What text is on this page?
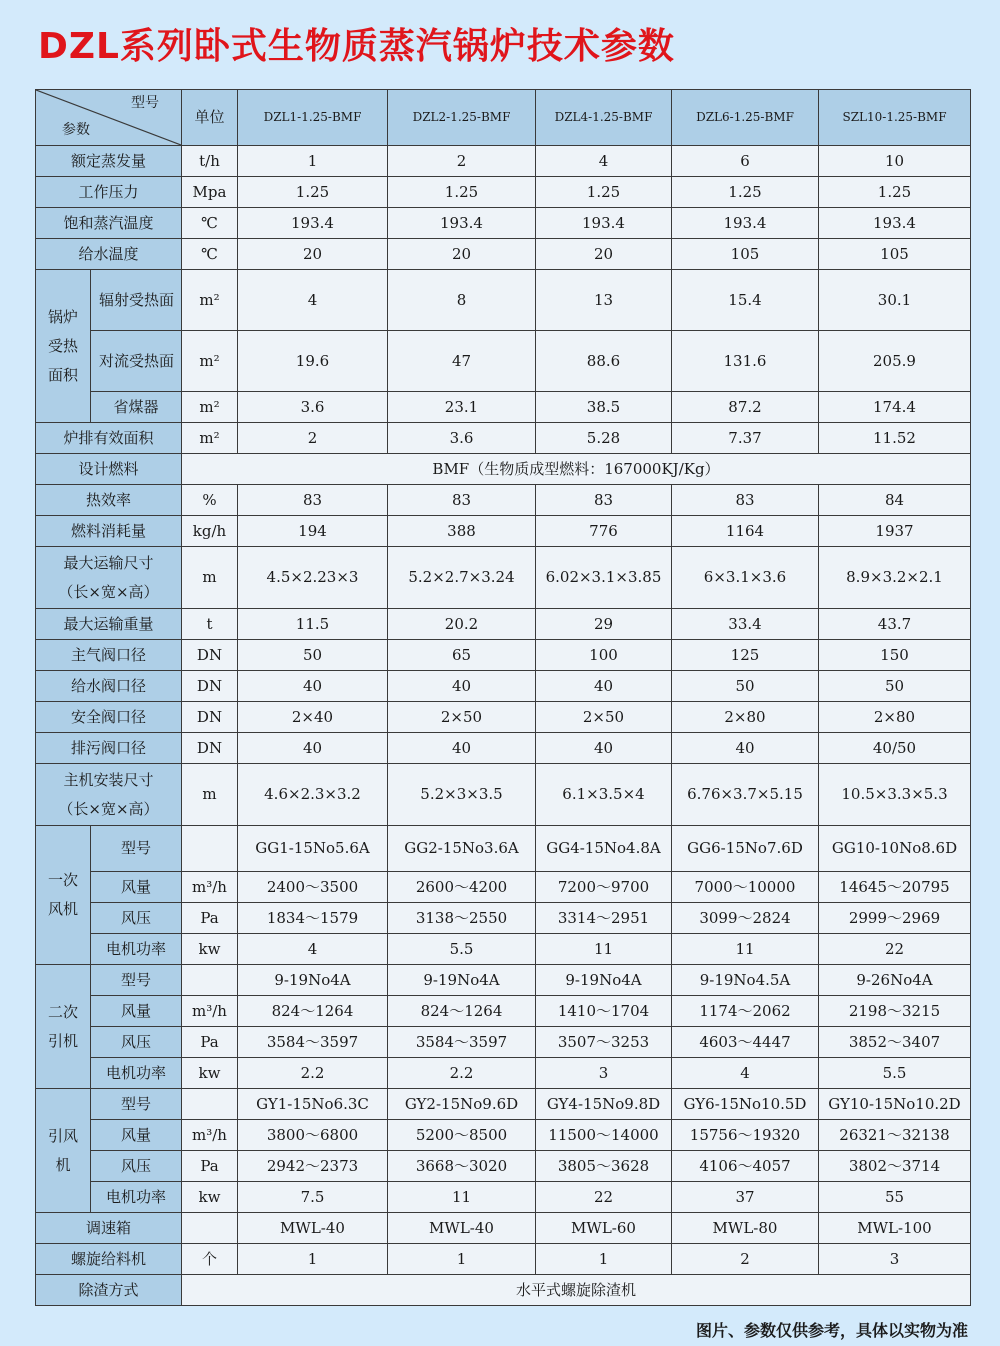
DZL系列卧式生物质蒸汽锅炉技术参数
型号
参数		单位	DZL1-1.25-BMF	DZL2-1.25-BMF	DZL4-1.25-BMF	DZL6-1.25-BMF	SZL10-1.25-BMF
额定蒸发量		t/h	1	2	4	6	10
工作压力		Mpa	1.25	1.25	1.25	1.25	1.25
饱和蒸汽温度		℃	193.4	193.4	193.4	193.4	193.4
给水温度		℃	20	20	20	105	105
锅炉受热面积	辐射受热面	m²	4	8	13	15.4	30.1
	对流受热面	m²	19.6	47	88.6	131.6	205.9
	省煤器	m²	3.6	23.1	38.5	87.2	174.4
炉排有效面积		m²	2	3.6	5.28	7.37	11.52
设计燃料		BMF（生物质成型燃料：167000KJ/Kg）					
热效率		%	83	83	83	83	84
燃料消耗量		kg/h	194	388	776	1164	1937

最大运输尺寸
（长×宽×高）		m	4.5×2.23×3	5.2×2.7×3.24	6.02×3.1×3.85	6×3.1×3.6	8.9×3.2×2.1
最大运输重量		t	11.5	20.2	29	33.4	43.7
主气阀口径		DN	50	65	100	125	150
给水阀口径		DN	40	40	40	50	50
安全阀口径		DN	2×40	2×50	2×50	2×80	2×80
排污阀口径		DN	40	40	40	40	40/50

主机安装尺寸
（长×宽×高）		m	4.6×2.3×3.2	5.2×3×3.5	6.1×3.5×4	6.76×3.7×5.15	10.5×3.3×5.3
一次风机	型号		GG1-15No5.6A	GG2-15No3.6A	GG4-15No4.8A	GG6-15No7.6D	GG10-10No8.6D
	风量	m³/h	2400～3500	2600～4200	7200～9700	7000～10000	14645～20795
	风压	Pa	1834～1579	3138～2550	3314～2951	3099～2824	2999～2969
	电机功率	kw	4	5.5	11	11	22
二次引机	型号		9-19No4A	9-19No4A	9-19No4A	9-19No4.5A	9-26No4A
	风量	m³/h	824～1264	824～1264	1410～1704	1174～2062	2198～3215
	风压	Pa	3584～3597	3584～3597	3507～3253	4603～4447	3852～3407
	电机功率	kw	2.2	2.2	3	4	5.5
引风机	型号		GY1-15No6.3C	GY2-15No9.6D	GY4-15No9.8D	GY6-15No10.5D	GY10-15No10.2D
	风量	m³/h	3800～6800	5200～8500	11500～14000	15756～19320	26321～32138
	风压	Pa	2942～2373	3668～3020	3805～3628	4106～4057	3802～3714
	电机功率	kw	7.5	11	22	37	55
调速箱			MWL-40	MWL-40	MWL-60	MWL-80	MWL-100
螺旋给料机		个	1	1	1	2	3
除渣方式		水平式螺旋除渣机					
图片、参数仅供参考，具体以实物为准
